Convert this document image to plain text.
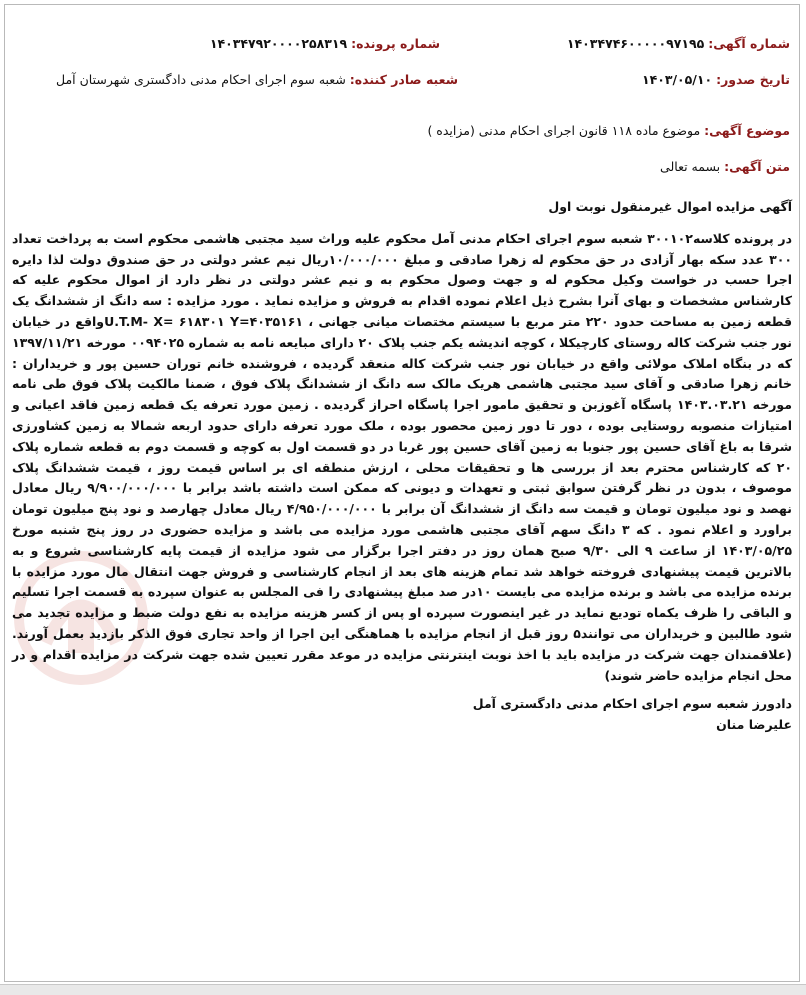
شماره آگهی: ۱۴۰۳۴۷۴۶۰۰۰۰۰۹۷۱۹۵
شماره پرونده: ۱۴۰۳۴۷۹۲۰۰۰۰۲۵۸۳۱۹
تاریخ صدور: ۱۴۰۳/۰۵/۱۰
شعبه صادر کننده: شعبه سوم اجرای احکام مدنی دادگستری شهرستان آمل
موضوع آگهی: موضوع ماده ۱۱۸ قانون اجرای احکام مدنی (مزایده )
متن آگهی: بسمه تعالی

آگهی مزایده اموال غیرمنقول نوبت اول

در پرونده کلاسه۳۰۰۱۰۲ شعبه سوم اجرای احکام مدنی آمل محکوم علیه وراث سید مجتبی هاشمی محکوم است به پرداخت تعداد ۳۰۰ عدد سکه بهار آزادی در حق محکوم له زهرا صادقی و مبلغ ۱۰/۰۰۰/۰۰۰ریال نیم عشر دولتی در حق صندوق دولت لذا دایره اجرا حسب در خواست وکیل محکوم له و جهت وصول محکوم به و نیم عشر دولتی در نظر دارد از اموال محکوم علیه که کارشناس مشخصات و بهای آنرا بشرح ذیل اعلام نموده اقدام به فروش و مزایده نماید . مورد مزایده : سه دانگ از ششدانگ یک قطعه زمین به مساحت حدود ۲۲۰ متر مربع با سیستم مختصات میانی جهانی ، U.T.M- X= ۶۱۸۳۰۱ Y=۴۰۳۵۱۶۱واقع در خیابان نور جنب شرکت کاله روستای کارچیکلا ، کوچه اندیشه یکم جنب پلاک ۲۰ دارای مبایعه نامه به شماره ۰۰۹۴۰۲۵ مورخه ۱۳۹۷/۱۱/۲۱ که در بنگاه املاک مولائی واقع در خیابان نور جنب شرکت کاله منعقد گردیده ، فروشنده خانم توران حسین پور و خریداران : خانم زهرا صادقی و آقای سید مجتبی هاشمی هریک مالک سه دانگ از ششدانگ پلاک فوق ، ضمنا مالکیت پلاک فوق طی نامه مورخه ۱۴۰۳.۰۳.۲۱ پاسگاه آغوزبن و تحقیق مامور اجرا پاسگاه احراز گردیده . زمین مورد تعرفه یک قطعه زمین فاقد اعیانی و امتیازات منصوبه روستایی بوده ، دور تا دور زمین محصور بوده ، ملک مورد تعرفه دارای حدود اربعه شمالا به زمین کشاورزی شرقا به باغ آقای حسین پور جنوبا به زمین آقای حسین پور غربا در دو قسمت اول به کوچه و قسمت دوم به قطعه شماره پلاک ۲۰ که کارشناس محترم بعد از بررسی ها و تحقیقات محلی ، ارزش منطقه ای بر اساس قیمت روز ، قیمت ششدانگ پلاک موصوف ، بدون در نظر گرفتن سوابق ثبتی و تعهدات و دیونی که ممکن است داشته باشد برابر با ۹/۹۰۰/۰۰۰/۰۰۰ ریال معادل نهصد و نود میلیون تومان و قیمت سه دانگ از ششدانگ آن برابر با ۴/۹۵۰/۰۰۰/۰۰۰ ریال معادل چهارصد و نود پنج میلیون تومان براورد و اعلام نمود . که ۳ دانگ سهم آقای مجتبی هاشمی مورد مزایده می باشد و مزایده حضوری در روز پنج شنبه مورخ ۱۴۰۳/۰۵/۲۵ از ساعت ۹ الی ۹/۳۰ صبح همان روز در دفتر اجرا برگزار می شود مزایده از قیمت پایه کارشناسی شروع و به بالاترین قیمت پیشنهادی فروخته خواهد شد تمام هزینه های بعد از انجام کارشناسی و فروش جهت انتقال مال مورد مزایده با برنده مزایده می باشد و برنده مزایده می بایست ۱۰در صد مبلغ پیشنهادی را فی المجلس به عنوان سپرده به قسمت اجرا تسلیم و الباقی را ظرف یکماه تودیع نماید در غیر اینصورت سپرده او پس از کسر هزینه مزایده به نفع دولت ضبط و مزایده تجدید می شود طالبین و خریداران می توانند۵ روز قبل از انجام مزایده با هماهنگی این اجرا از واحد تجاری فوق الذکر بازدید بعمل آورند. (علاقمندان جهت شرکت در مزایده باید با اخذ نوبت اینترنتی مزایده در موعد مقرر تعیین شده جهت شرکت در مزایده اقدام و در محل انجام مزایده حاضر شوند)

دادورز شعبه سوم اجرای احکام مدنی دادگستری آمل

علیرضا منان
